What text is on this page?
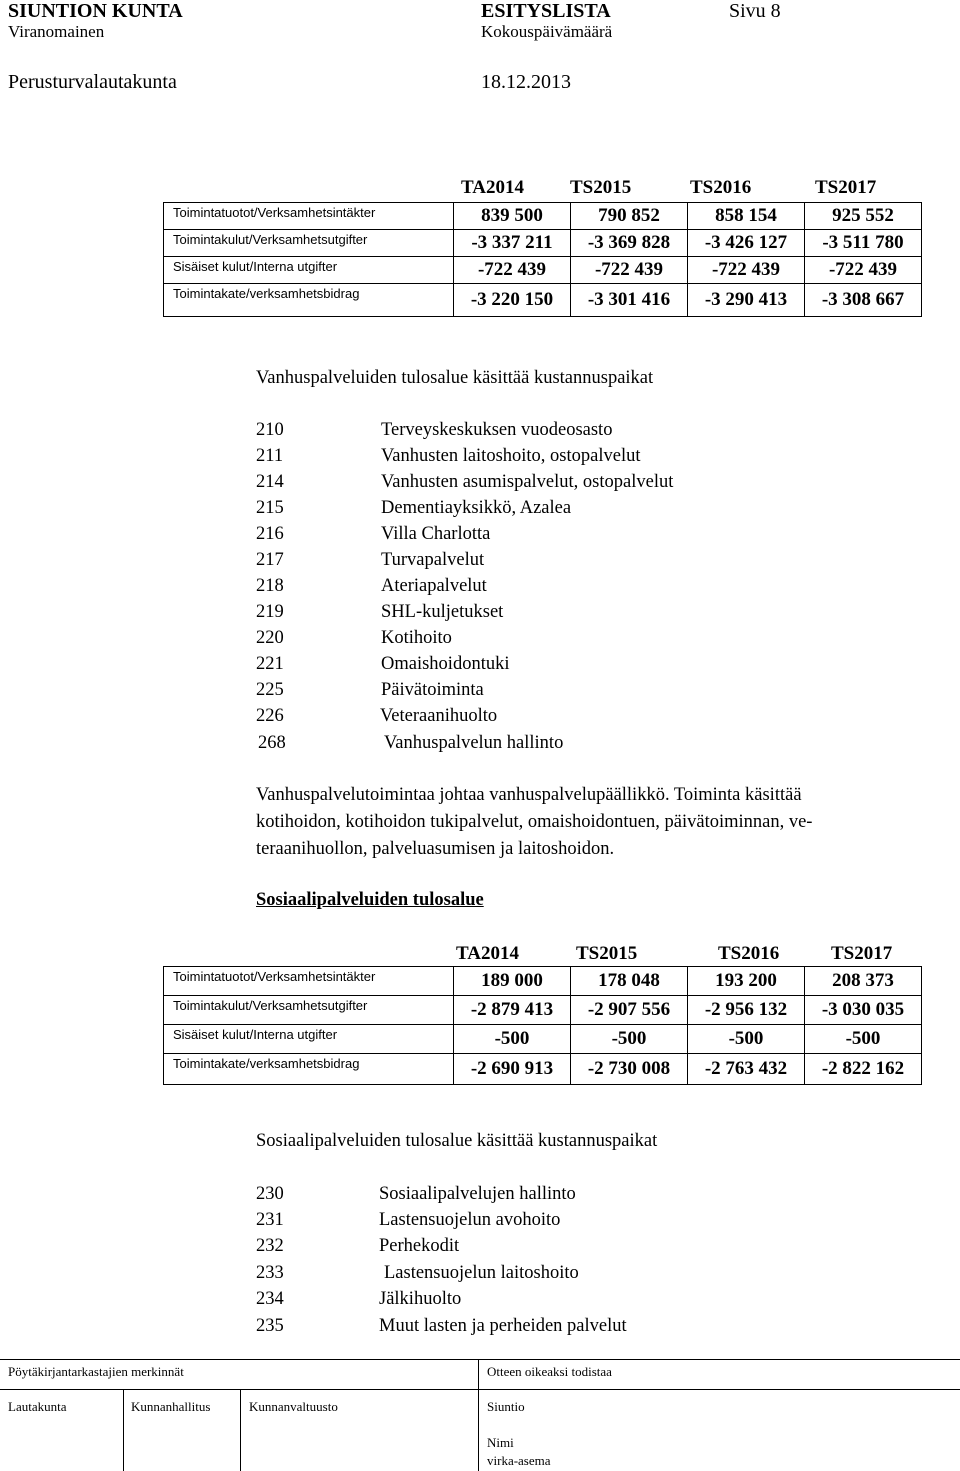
SIUNTION KUNTA	ESITYSLISTA	Sivu 8
Viranomainen	Kokouspäivämäärä
Perusturvalautakunta	18.12.2013
TA2014 TS2015	TS2016	TS2017
Toimintatuotot/Verksamhetsintäkter	839 500	790 852	858 154	925 552
Toimintakulut/Verksamhetsutgifter	-3 337 211	-3 369 828	-3 426 127	-3 511 780
Sisäiset kulut/Interna utgifter	-722 439	-722 439	-722 439	-722 439
Toimintakate/verksamhetsbidrag	-3 220 150	-3 301 416	-3 290 413	-3 308 667
Vanhuspalveluiden tulosalue käsittää kustannuspaikat
210	Terveyskeskuksen vuodeosasto
211	Vanhusten laitoshoito, ostopalvelut
214	Vanhusten asumispalvelut, ostopalvelut
215	Dementiayksikkö, Azalea
216	Villa Charlotta
217	Turvapalvelut
218	Ateriapalvelut
219	SHL-kuljetukset
220	Kotihoito
221	Omaishoidontuki
225	Päivätoiminta
226	Veteraanihuolto
268	Vanhuspalvelun hallinto
Vanhuspalvelutoimintaa johtaa vanhuspalvelupäällikkö. Toiminta käsittää
kotihoidon, kotihoidon tukipalvelut, omaishoidontuen, päivätoiminnan, ve-
teraanihuollon, palveluasumisen ja laitoshoidon.
Sosiaalipalveluiden tulosalue
TA2014	TS2015	TS2016	TS2017
Toimintatuotot/Verksamhetsintäkter	189 000	178 048	193 200	208 373
Toimintakulut/Verksamhetsutgifter	-2 879 413	-2 907 556	-2 956 132	-3 030 035
Sisäiset kulut/Interna utgifter	-500	-500	-500	-500
Toimintakate/verksamhetsbidrag	-2 690 913	-2 730 008	-2 763 432	-2 822 162
Sosiaalipalveluiden tulosalue käsittää kustannuspaikat
230	Sosiaalipalvelujen hallinto
231	Lastensuojelun avohoito
232	Perhekodit
233	Lastensuojelun laitoshoito
234	Jälkihuolto
235	Muut lasten ja perheiden palvelut
Pöytäkirjantarkastajien merkinnät	Otteen oikeaksi todistaa
Lautakunta	Kunnanhallitus	Kunnanvaltuusto	Siuntio
Nimi
virka-asema
